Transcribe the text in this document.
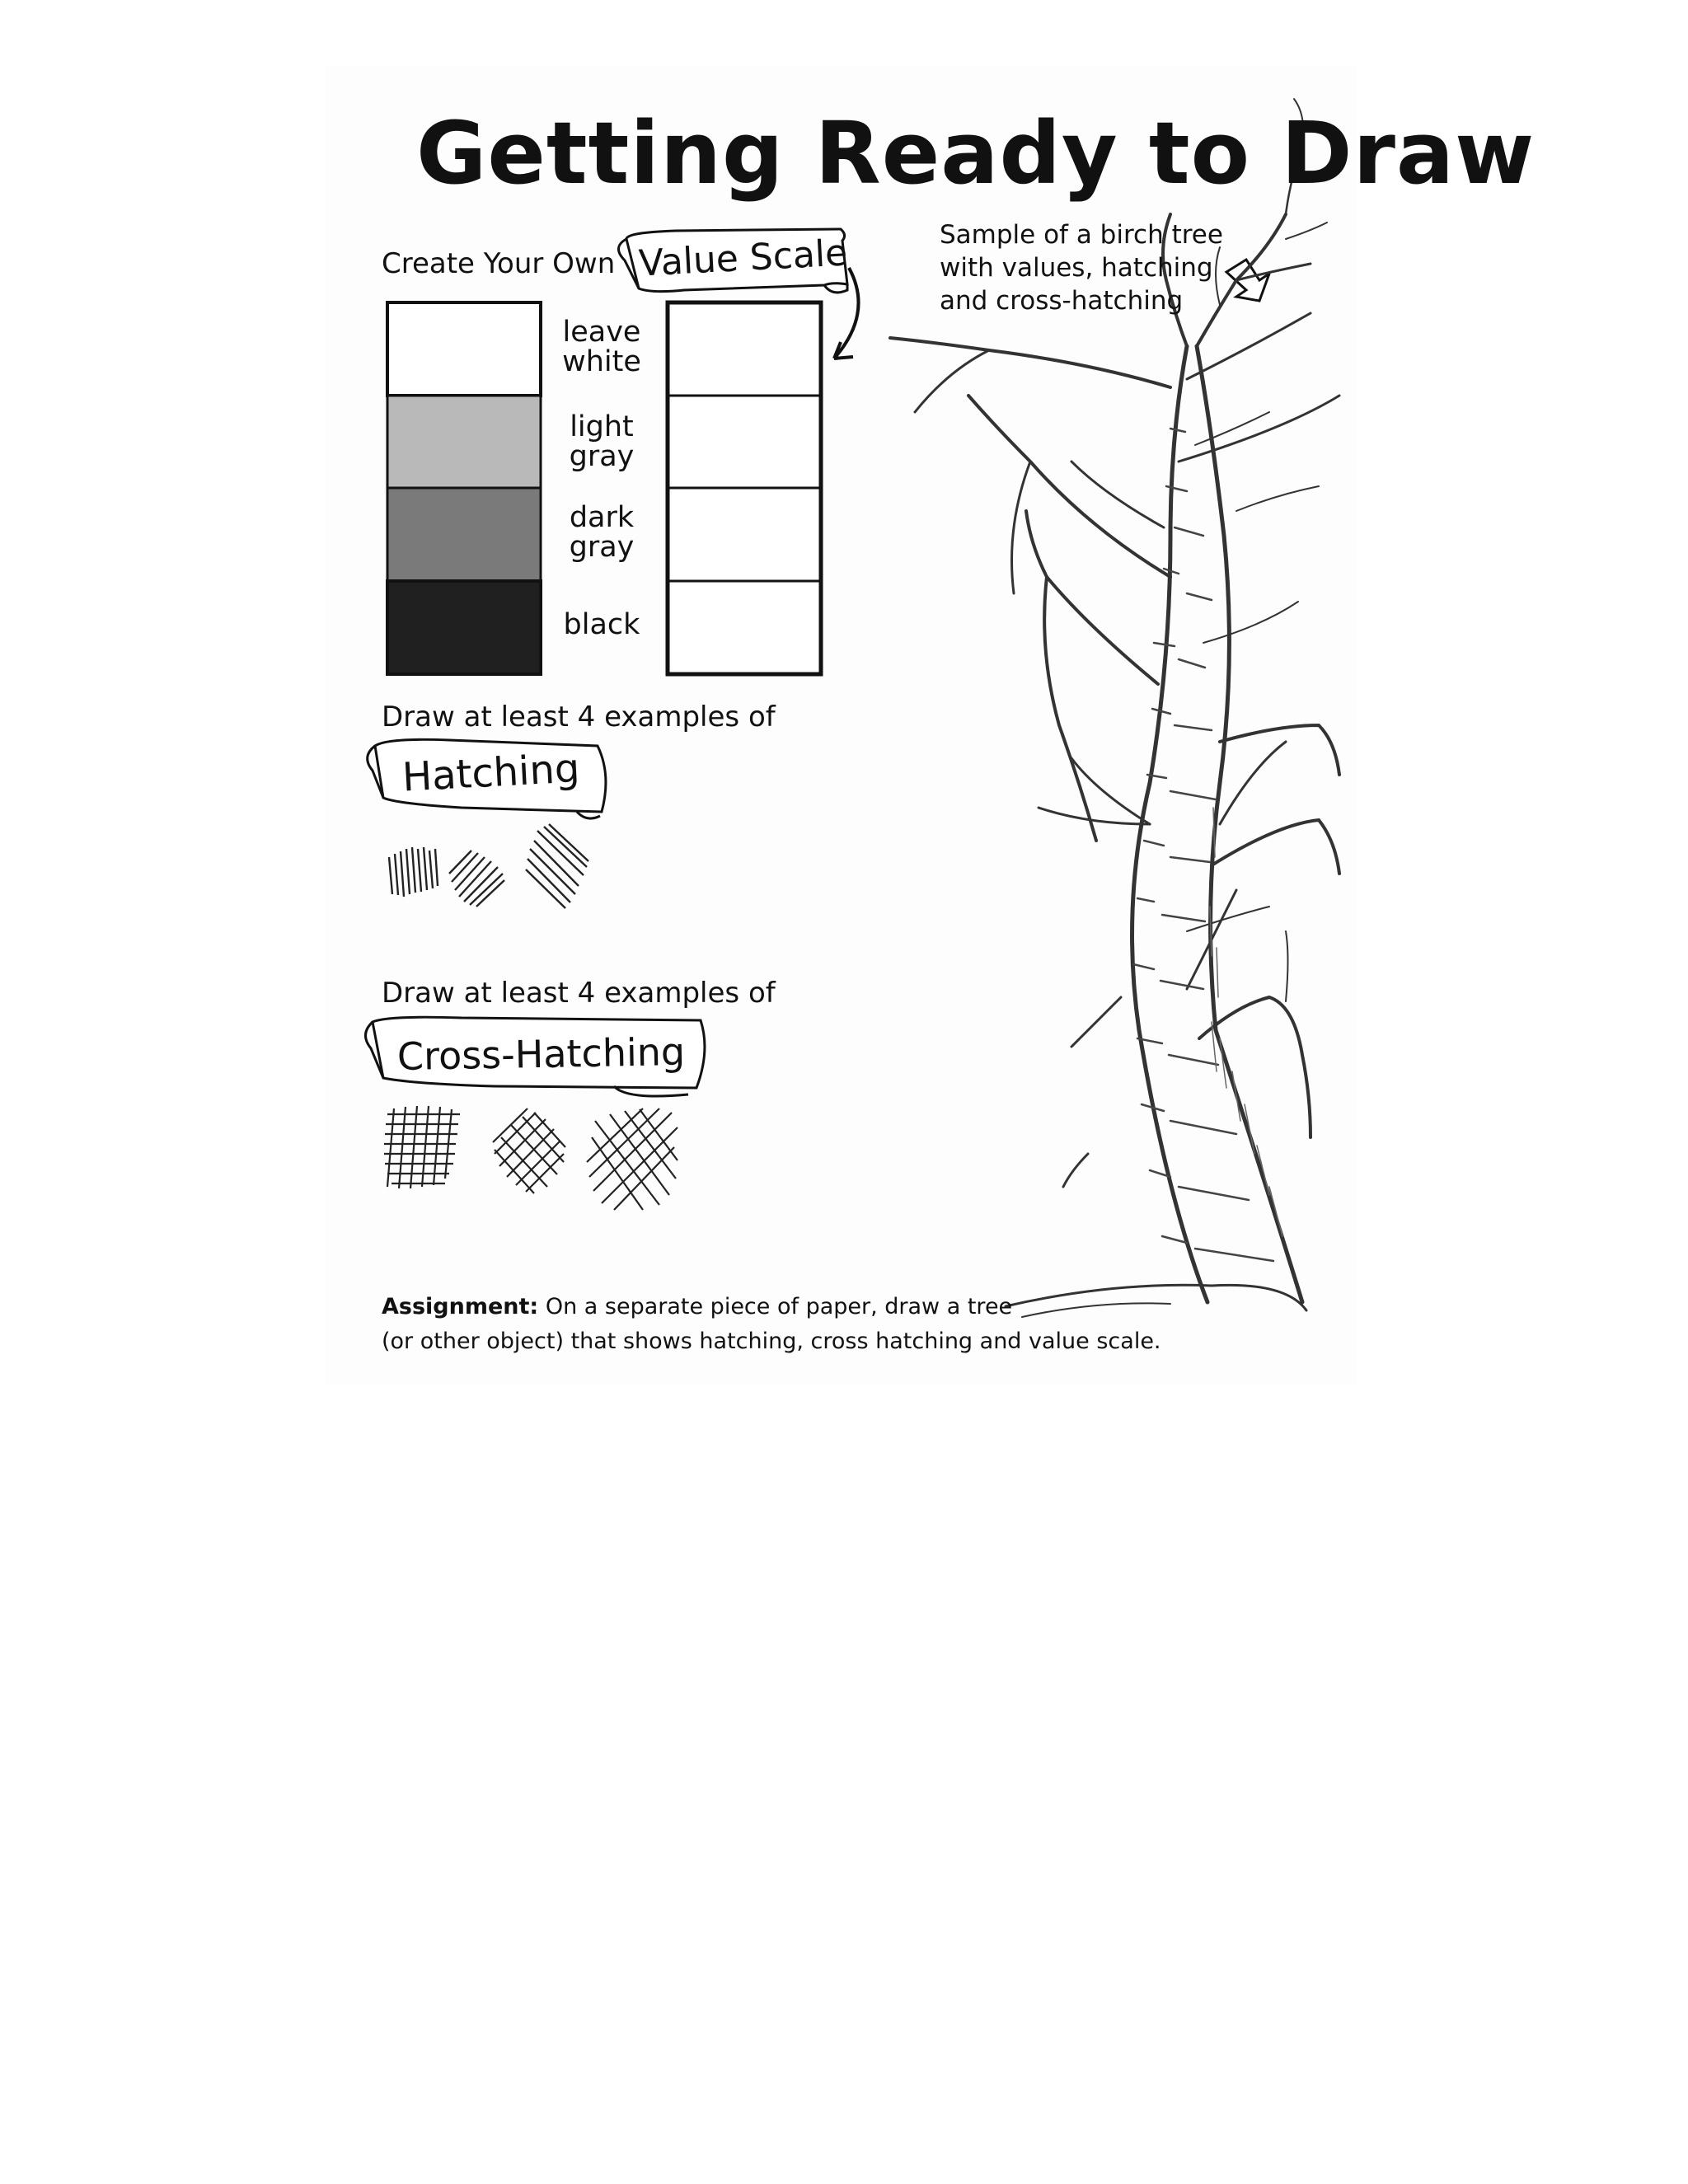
Getting Ready to Draw
Create Your Own Value Scale
leave
white
light
gray
dark
gray
black
Sample of a birch tree
with values, hatching
and cross-hatching
Draw at least 4 examples of
Hatching
Draw at least 4 examples of
Cross-Hatching
Assignment: On a separate piece of paper, draw a tree
(or other object) that shows hatching, cross hatching and value scale.
